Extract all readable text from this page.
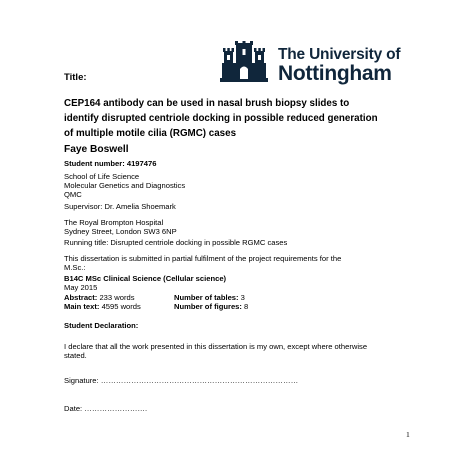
The University of
Nottingham
Title:
CEP164 antibody can be used in nasal brush biopsy slides to
identify disrupted centriole docking in possible reduced generation
of multiple motile cilia (RGMC) cases
Faye Boswell
Student number: 4197476
School of Life Science
Molecular Genetics and Diagnostics
QMC
Supervisor: Dr. Amelia Shoemark
The Royal Brompton Hospital
Sydney Street, London SW3 6NP
Running title: Disrupted centriole docking in possible RGMC cases
This dissertation is submitted in partial fulfilment of the project requirements for the
M.Sc.:
B14C MSc Clinical Science (Cellular science)
May 2015
Abstract: 233 words	Number of tables: 3
Main text: 4595 words	Number of figures: 8
Student Declaration:
I declare that all the work presented in this dissertation is my own, except where otherwise
stated.
Signature: ……………………………………………………………………
Date: …………………….
1
